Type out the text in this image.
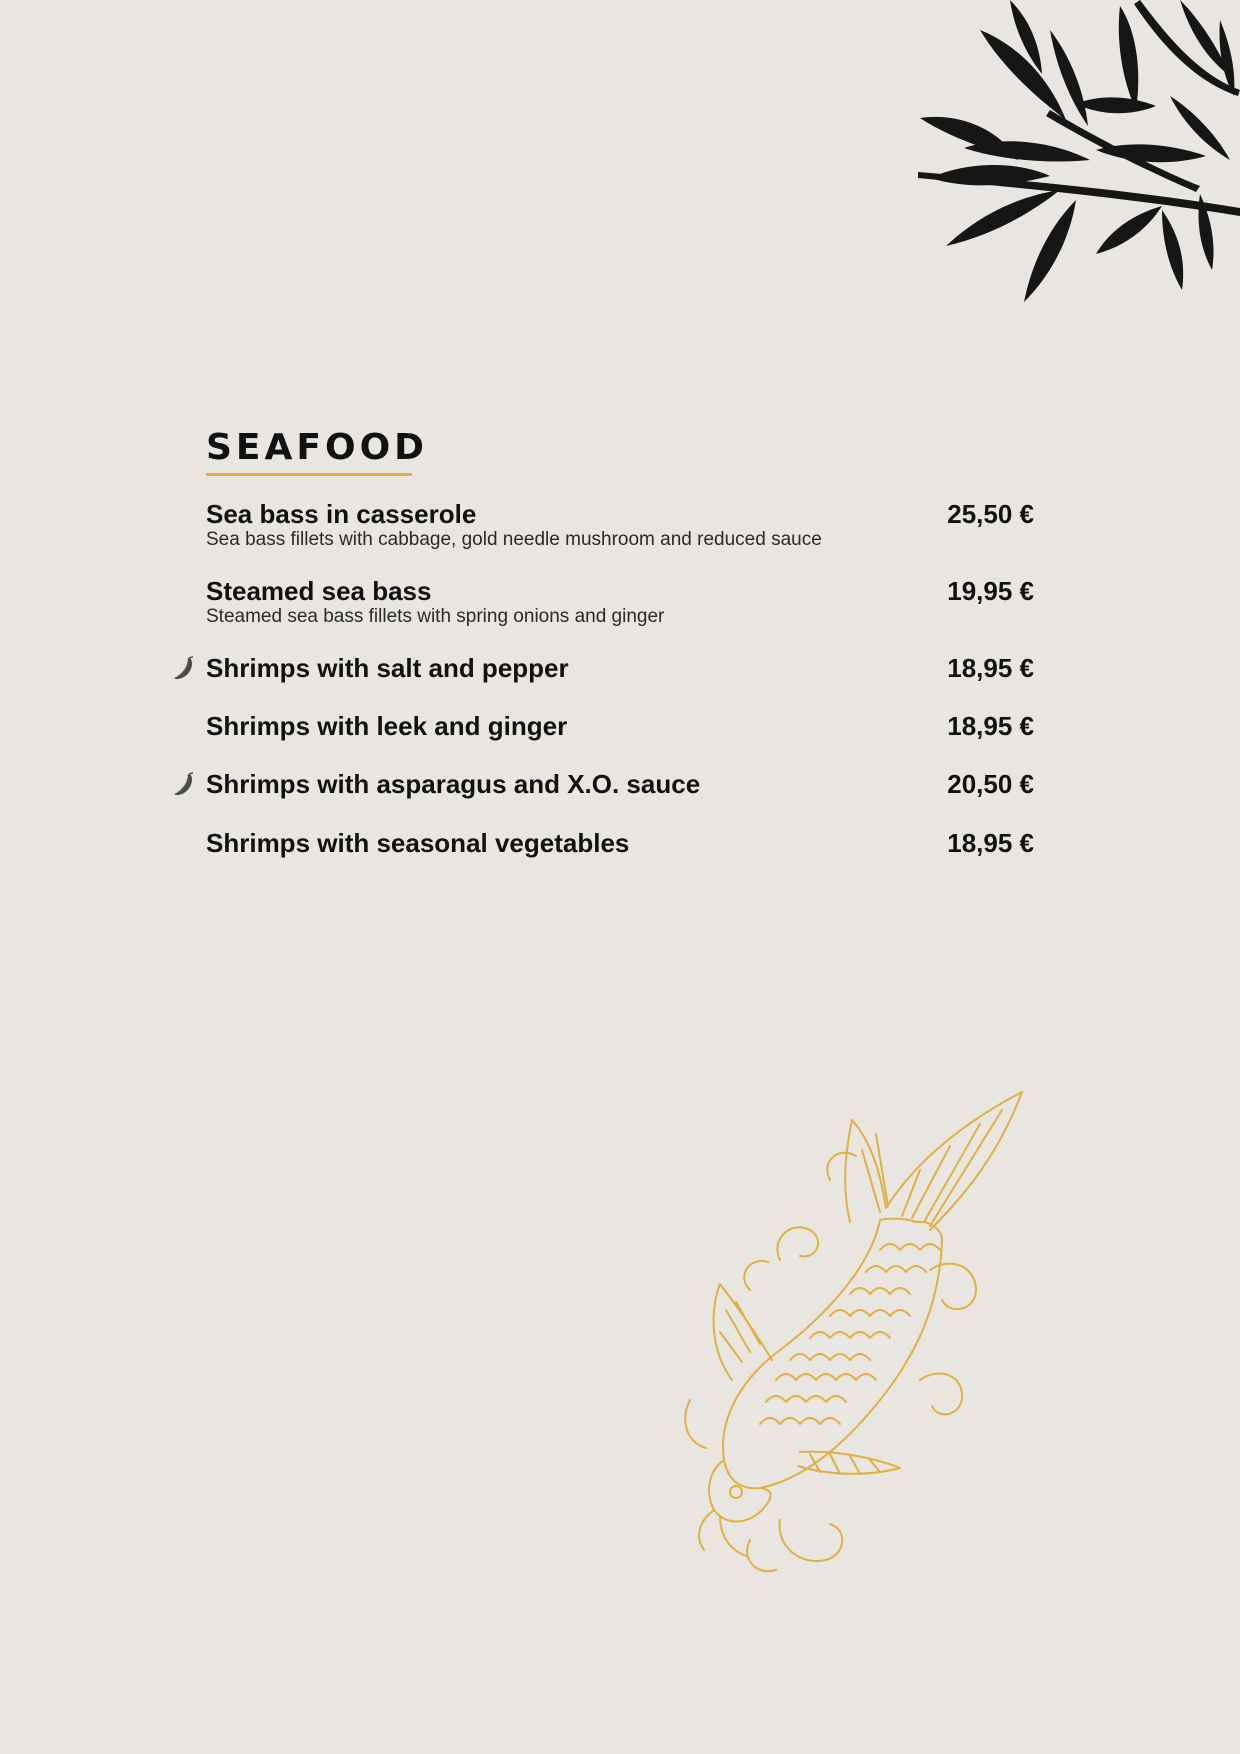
SEAFOOD
Sea bass in casserole	25,50 €
Sea bass fillets with cabbage, gold needle mushroom and reduced sauce
Steamed sea bass	19,95 €
Steamed sea bass fillets with spring onions and ginger
Shrimps with salt and pepper	18,95 €
Shrimps with leek and ginger	18,95 €
Shrimps with asparagus and X.O. sauce	20,50 €
Shrimps with seasonal vegetables	18,95 €
